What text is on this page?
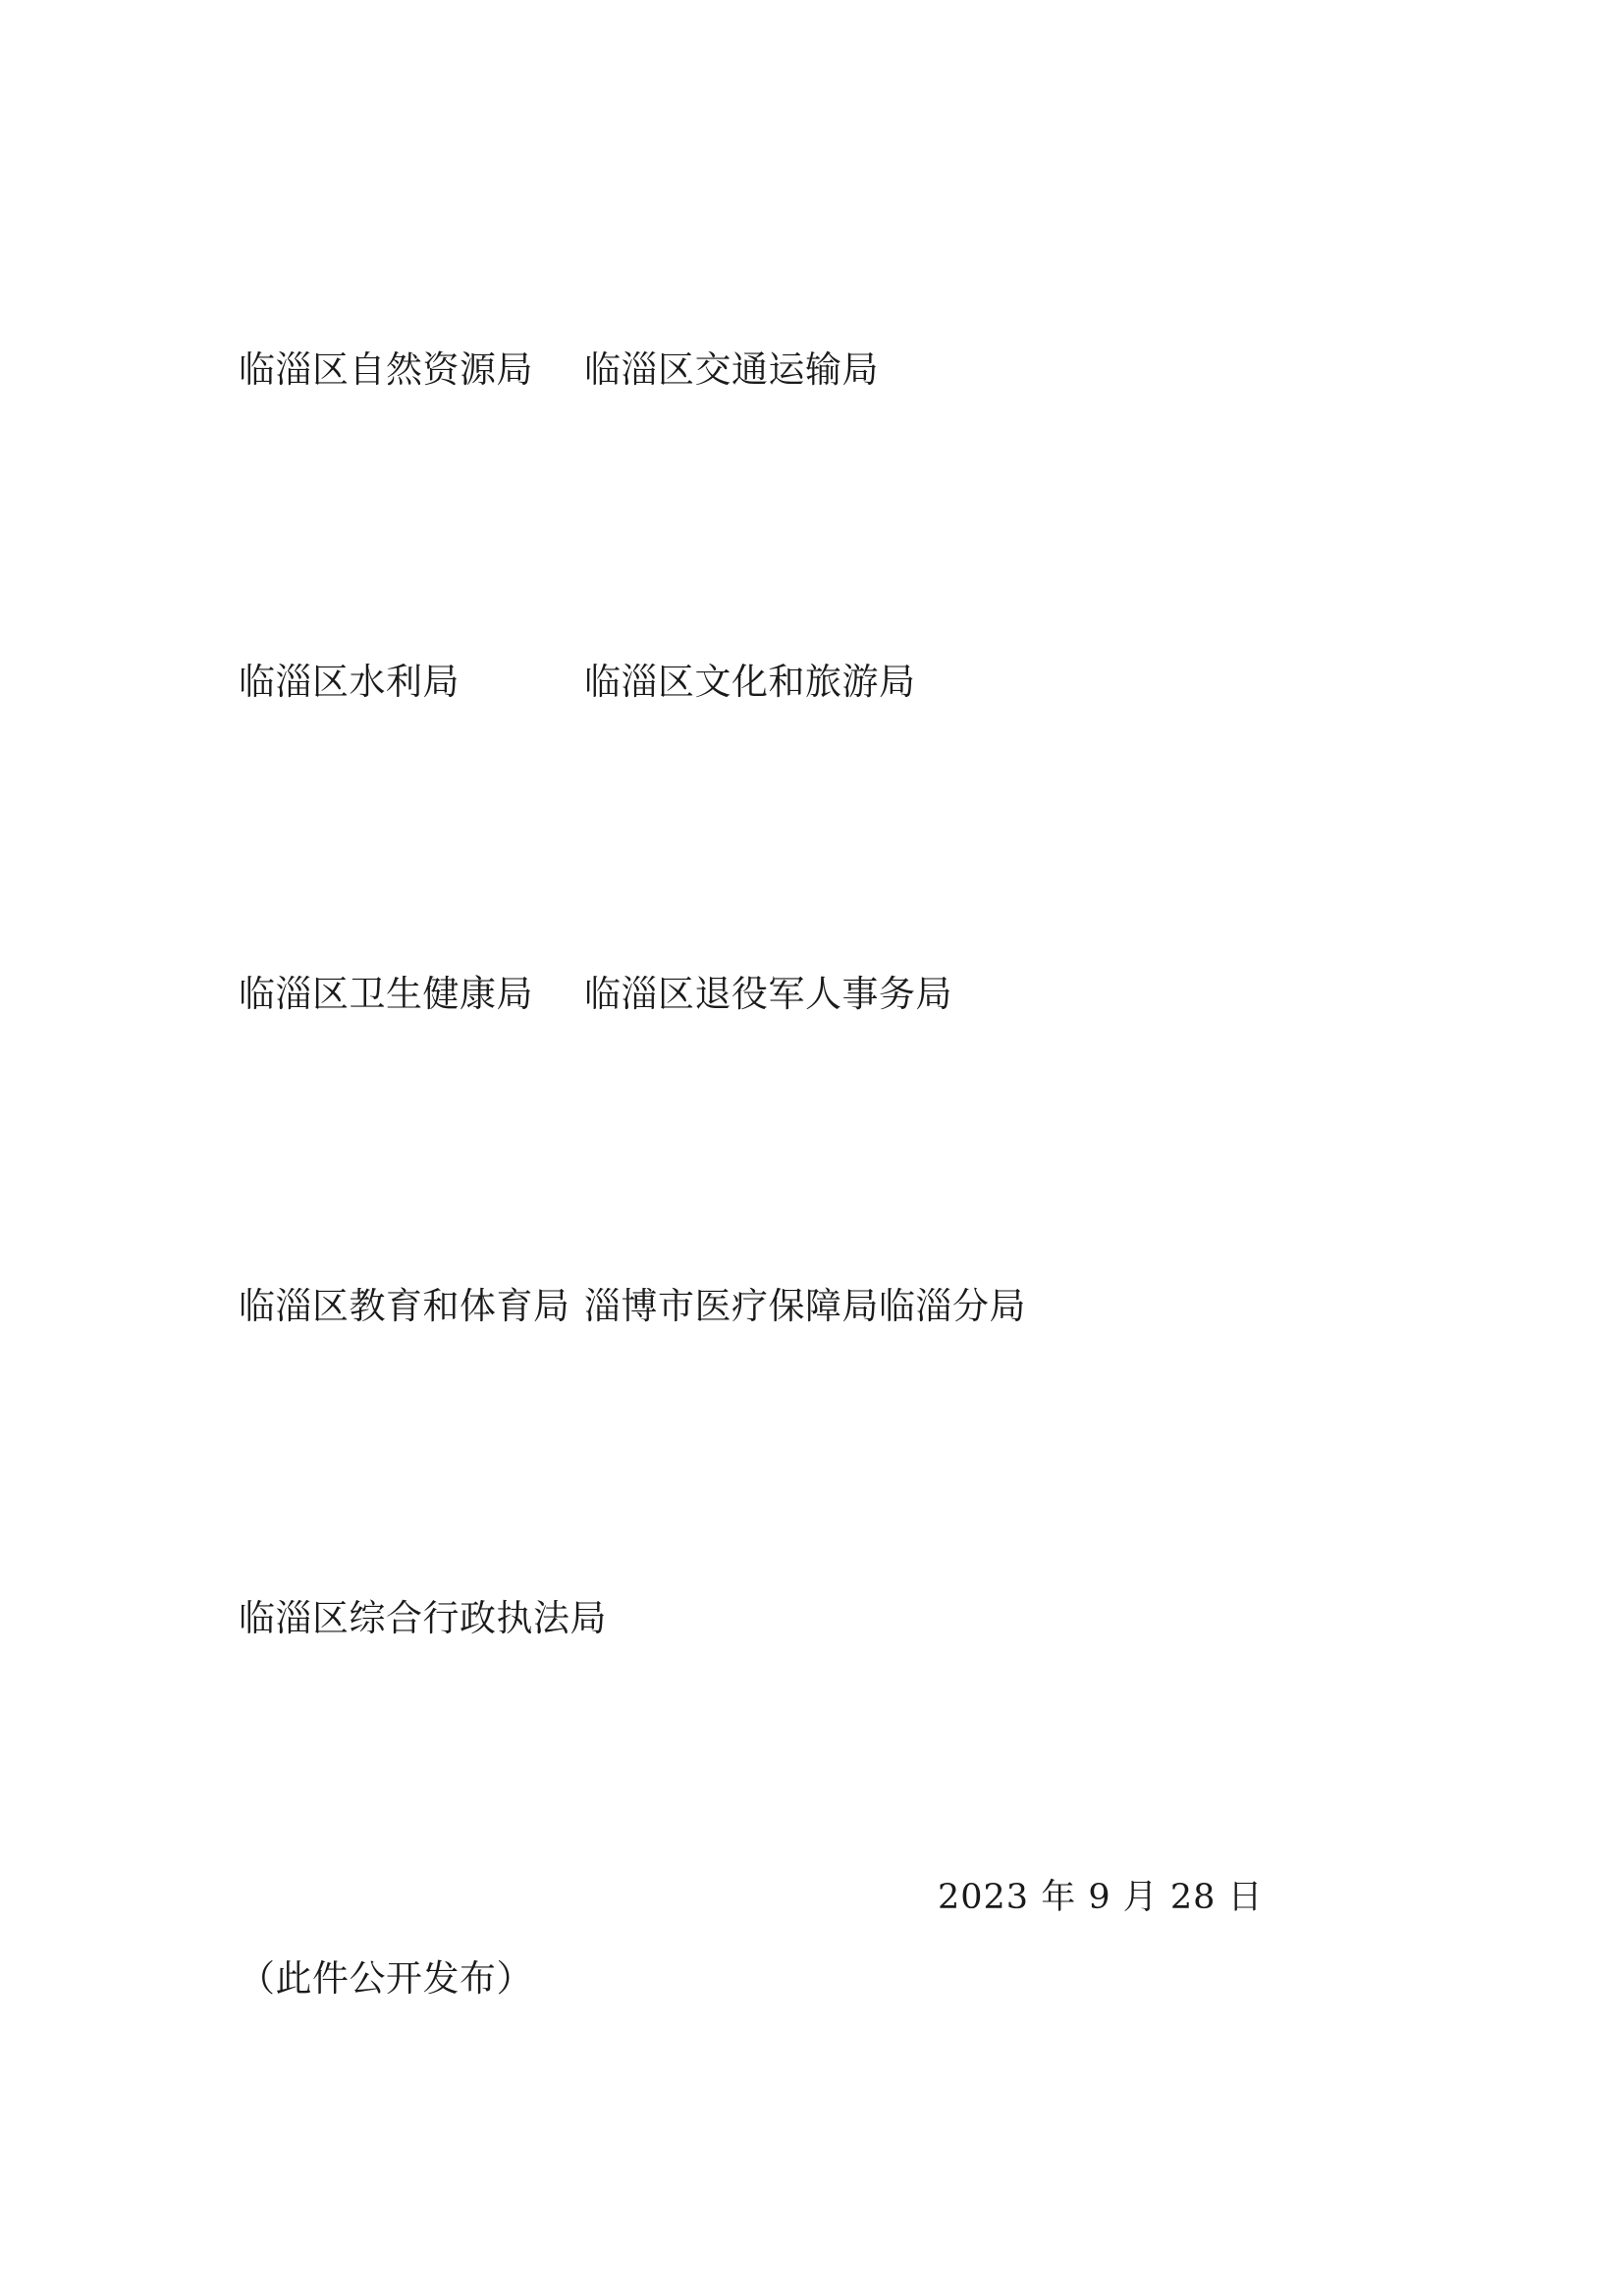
临淄区自然资源局	临淄区交通运输局
临淄区水利局	临淄区文化和旅游局
临淄区卫生健康局	临淄区退役军人事务局
临淄区教育和体育局 淄博市医疗保障局临淄分局
临淄区综合行政执法局
2023 年 9 月 28 日
（此件公开发布）
